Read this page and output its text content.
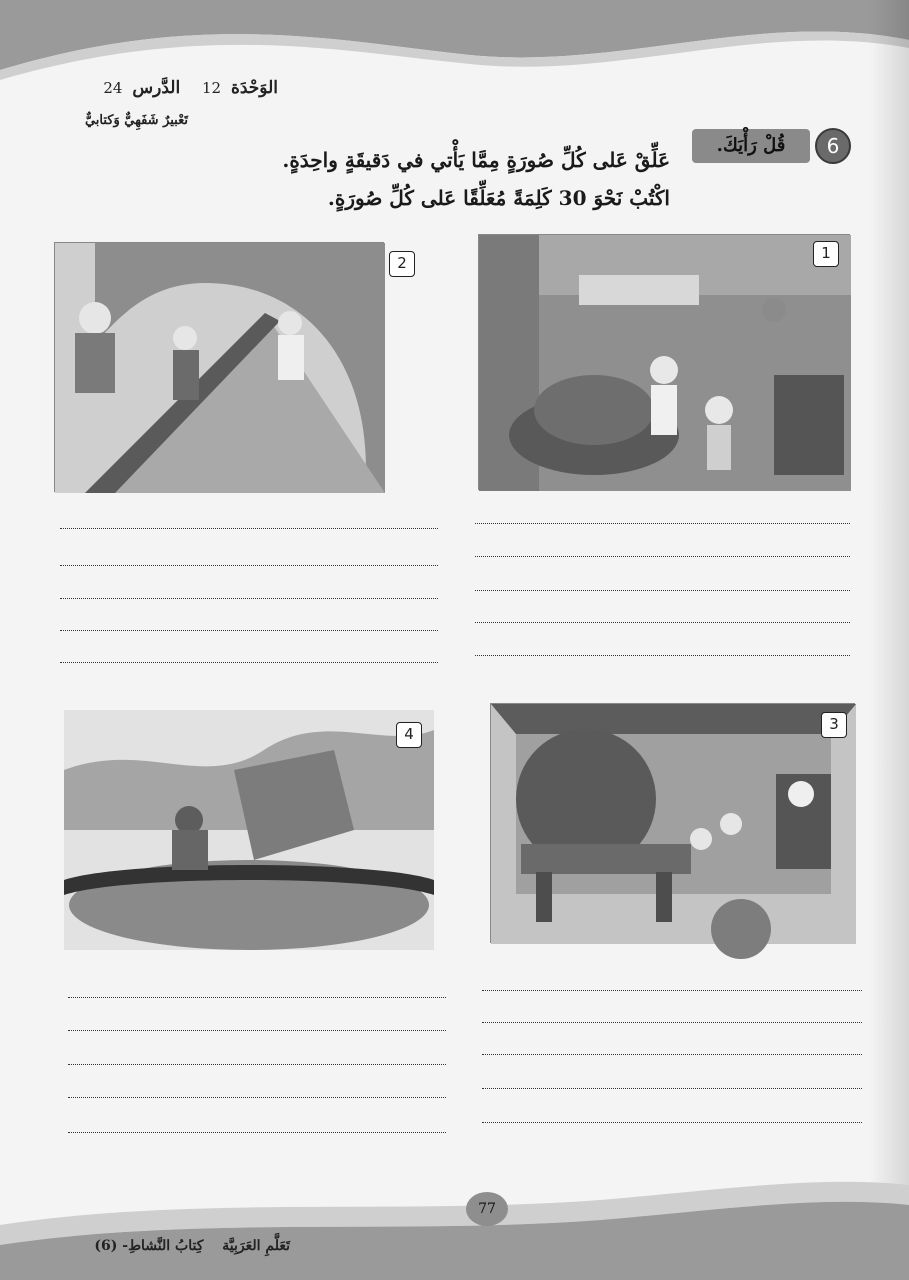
الوَحْدَة 12   الدَّرس 24
تَعْبيرٌ شَفَهِيٌّ وَكتابيٌّ
6
قُلْ رَأْيَكَ.
عَلِّقْ عَلى كُلِّ صُورَةٍ مِمَّا يَأْتي في دَقيقَةٍ واحِدَةٍ.
اكْتُبْ نَحْوَ 30 كَلِمَةً مُعَلِّقًا عَلى كُلِّ صُورَةٍ.
1
2
3
4
77
تَعَلَّمِ العَرَبِيَّة كِتابُ النَّشاطِ- (6)
